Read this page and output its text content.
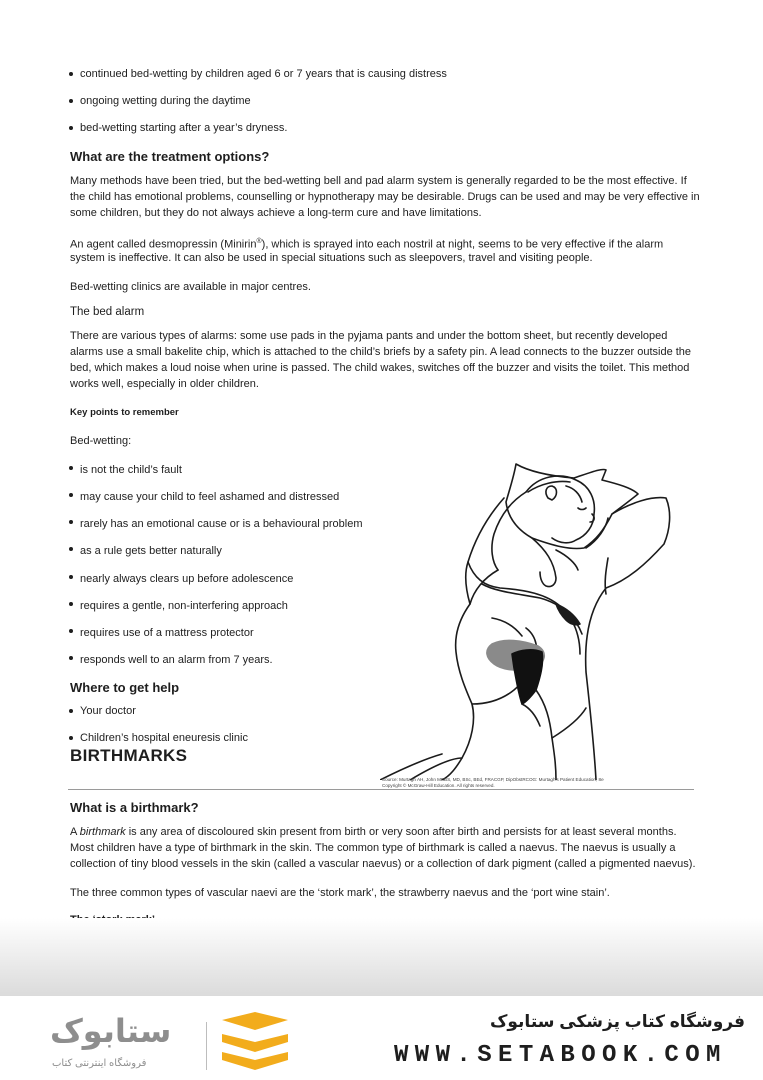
continued bed-wetting by children aged 6 or 7 years that is causing distress
ongoing wetting during the daytime
bed-wetting starting after a year’s dryness.
What are the treatment options?
Many methods have been tried, but the bed-wetting bell and pad alarm system is generally regarded to be the most effective. If
the child has emotional problems, counselling or hypnotherapy may be desirable. Drugs can be used and may be very effective in
some children, but they do not always achieve a long-term cure and have limitations.
An agent called desmopressin (Minirin®), which is sprayed into each nostril at night, seems to be very effective if the alarm
system is ineffective. It can also be used in special situations such as sleepovers, travel and visiting people.
Bed-wetting clinics are available in major centres.
The bed alarm
There are various types of alarms: some use pads in the pyjama pants and under the bottom sheet, but recently developed
alarms use a small bakelite chip, which is attached to the child’s briefs by a safety pin. A lead connects to the buzzer outside the
bed, which makes a loud noise when urine is passed. The child wakes, switches off the buzzer and visits the toilet. This method
works well, especially in older children.
Key points to remember
Bed-wetting:
is not the child’s fault
may cause your child to feel ashamed and distressed
rarely has an emotional cause or is a behavioural problem
as a rule gets better naturally
nearly always clears up before adolescence
requires a gentle, non-interfering approach
requires use of a mattress protector
responds well to an alarm from 7 years.
Where to get help
Your doctor
Children’s hospital eneuresis clinic
Source: Murtagh AH, John MBBS, MD, BSc, BEd, FRACGP, DipObstRCOG: Murtagh's Patient Education, 8e
Copyright © McGraw-Hill Education. All rights reserved.
BIRTHMARKS
What is a birthmark?
A birthmark is any area of discoloured skin present from birth or very soon after birth and persists for at least several months.
Most children have a type of birthmark in the skin. The common type of birthmark is called a naevus. The naevus is usually a
collection of tiny blood vessels in the skin (called a vascular naevus) or a collection of dark pigment (called a pigmented naevus).
The three common types of vascular naevi are the ‘stork mark’, the strawberry naevus and the ‘port wine stain’.
فروشگاه کتاب پزشکی ستابوک
WWW.SETABOOK.COM
ستابوک
فروشگاه اینترنتی کتاب
